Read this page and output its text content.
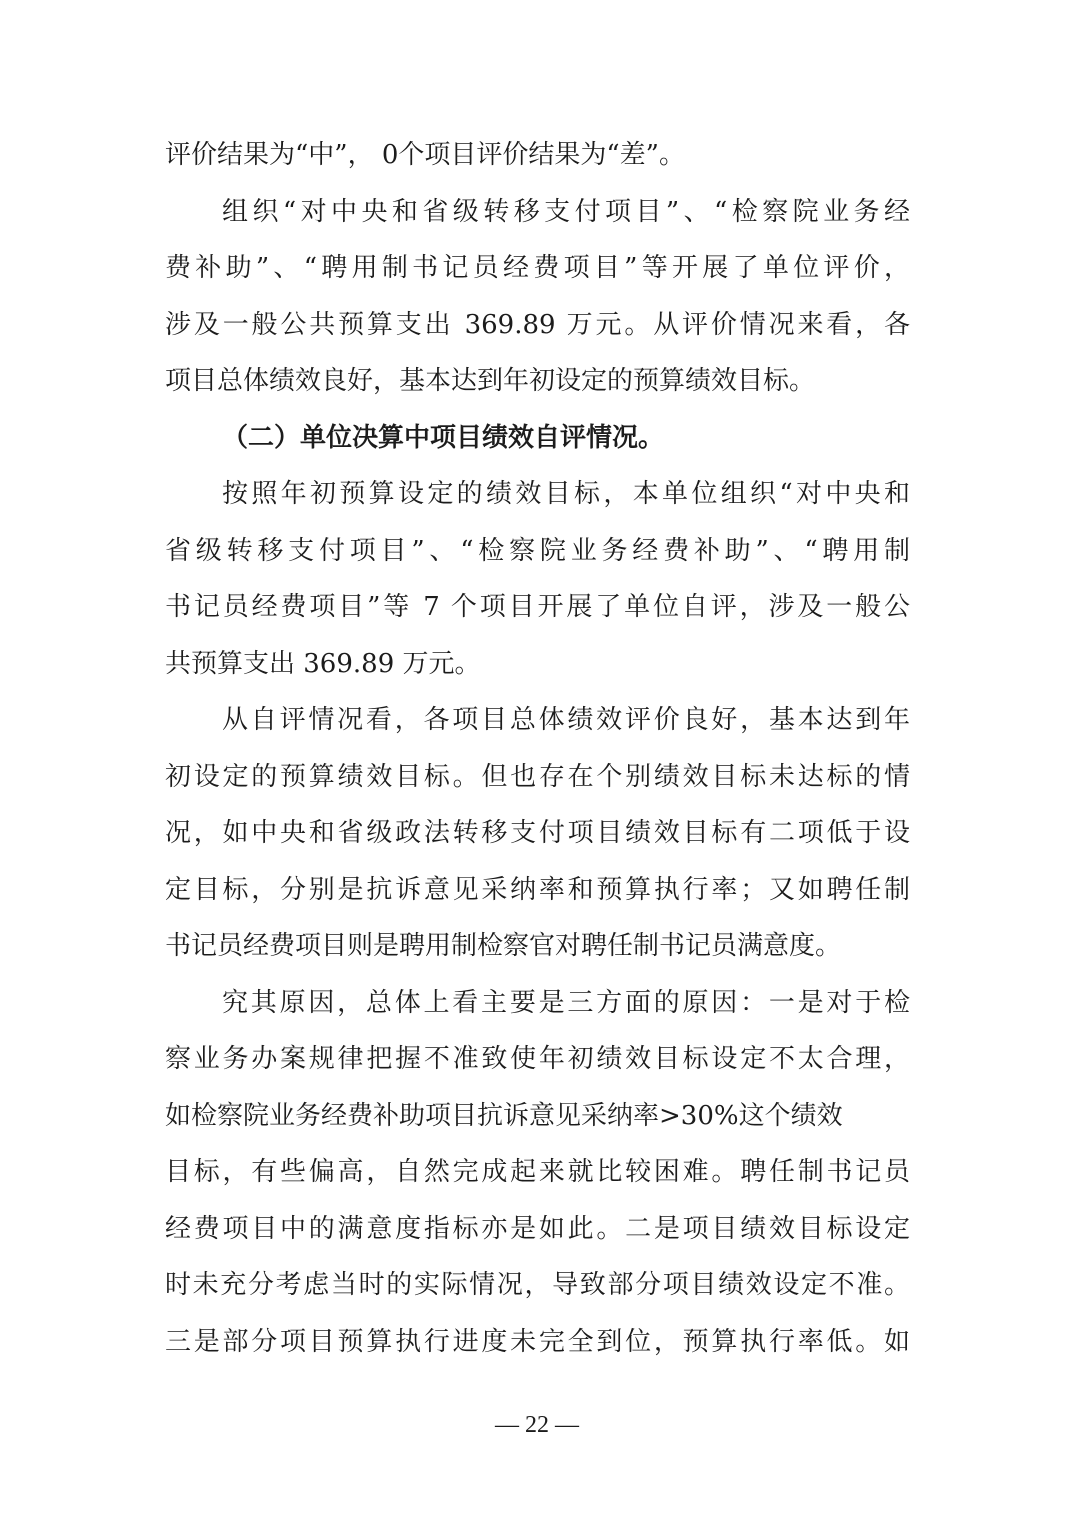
评价结果为“中”， 0个项目评价结果为“差”。
组织“对中央和省级转移支付项目”、“检察院业务经
费补助”、“聘用制书记员经费项目”等开展了单位评价，
涉及一般公共预算支出 369.89 万元。从评价情况来看，各
项目总体绩效良好，基本达到年初设定的预算绩效目标。
（二）单位决算中项目绩效自评情况。
按照年初预算设定的绩效目标，本单位组织“对中央和
省级转移支付项目”、“检察院业务经费补助”、“聘用制
书记员经费项目”等 7 个项目开展了单位自评，涉及一般公
共预算支出 369.89 万元。
从自评情况看，各项目总体绩效评价良好，基本达到年
初设定的预算绩效目标。但也存在个别绩效目标未达标的情
况，如中央和省级政法转移支付项目绩效目标有二项低于设
定目标，分别是抗诉意见采纳率和预算执行率；又如聘任制
书记员经费项目则是聘用制检察官对聘任制书记员满意度。
究其原因，总体上看主要是三方面的原因：一是对于检
察业务办案规律把握不准致使年初绩效目标设定不太合理，
如检察院业务经费补助项目抗诉意见采纳率>30%这个绩效
目标，有些偏高，自然完成起来就比较困难。聘任制书记员
经费项目中的满意度指标亦是如此。二是项目绩效目标设定
时未充分考虑当时的实际情况，导致部分项目绩效设定不准。
三是部分项目预算执行进度未完全到位，预算执行率低。如
— 22 —
